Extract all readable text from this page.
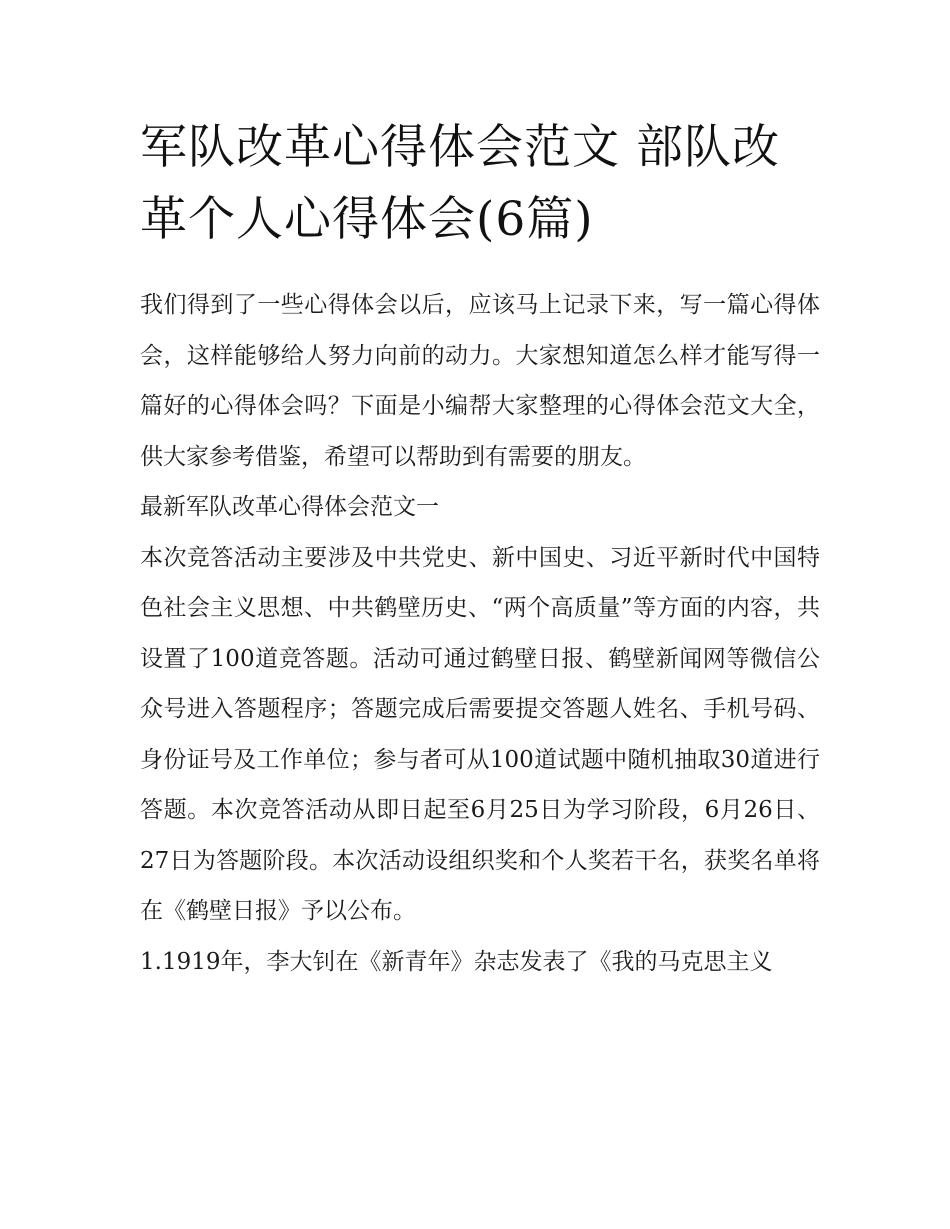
军队改革心得体会范文 部队改革个人心得体会(6篇)

我们得到了一些心得体会以后，应该马上记录下来，写一篇心得体会，这样能够给人努力向前的动力。大家想知道怎么样才能写得一篇好的心得体会吗？下面是小编帮大家整理的心得体会范文大全，供大家参考借鉴，希望可以帮助到有需要的朋友。

最新军队改革心得体会范文一

本次竞答活动主要涉及中共党史、新中国史、习近平新时代中国特色社会主义思想、中共鹤壁历史、“两个高质量”等方面的内容，共设置了100道竞答题。活动可通过鹤壁日报、鹤壁新闻网等微信公众号进入答题程序；答题完成后需要提交答题人姓名、手机号码、身份证号及工作单位；参与者可从100道试题中随机抽取30道进行答题。本次竞答活动从即日起至6月25日为学习阶段，6月26日、27日为答题阶段。本次活动设组织奖和个人奖若干名，获奖名单将在《鹤壁日报》予以公布。

1.1919年，李大钊在《新青年》杂志发表了《我的马克思主义
